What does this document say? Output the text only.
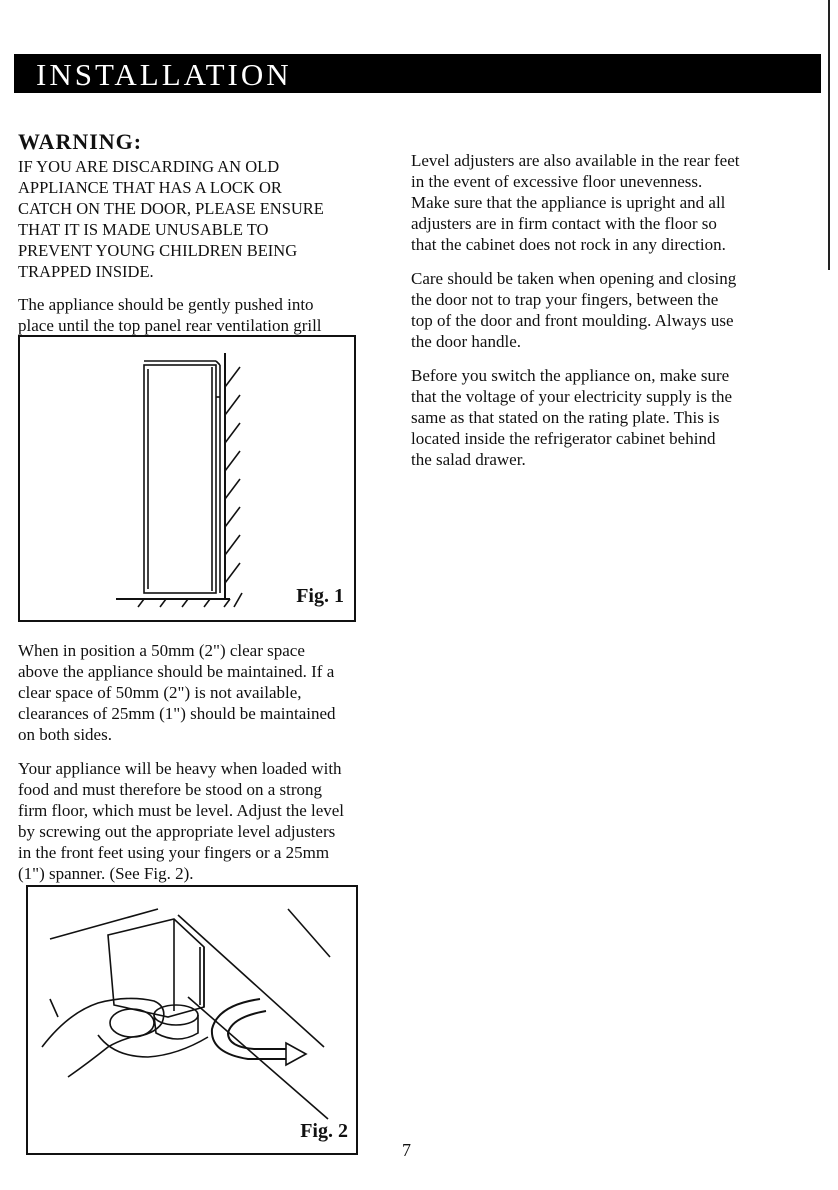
INSTALLATION
WARNING:
IF YOU ARE DISCARDING AN OLD
APPLIANCE THAT HAS A LOCK OR
CATCH ON THE DOOR, PLEASE ENSURE
THAT IT IS MADE UNUSABLE TO
PREVENT YOUNG CHILDREN BEING
TRAPPED INSIDE.

The appliance should be gently pushed into
place until the top panel rear ventilation grill

Fig. 1

When in position a 50mm (2") clear space
above the appliance should be maintained. If a
clear space of 50mm (2") is not available,
clearances of 25mm (1") should be maintained
on both sides.

Your appliance will be heavy when loaded with
food and must therefore be stood on a strong
firm floor, which must be level. Adjust the level
by screwing out the appropriate level adjusters
in the front feet using your fingers or a 25mm
(1") spanner. (See Fig. 2).

Fig. 2

Level adjusters are also available in the rear feet
in the event of excessive floor unevenness.
Make sure that the appliance is upright and all
adjusters are in firm contact with the floor so
that the cabinet does not rock in any direction.

Care should be taken when opening and closing
the door not to trap your fingers, between the
top of the door and front moulding. Always use
the door handle.

Before you switch the appliance on, make sure
that the voltage of your electricity supply is the
same as that stated on the rating plate. This is
located inside the refrigerator cabinet behind
the salad drawer.

7
